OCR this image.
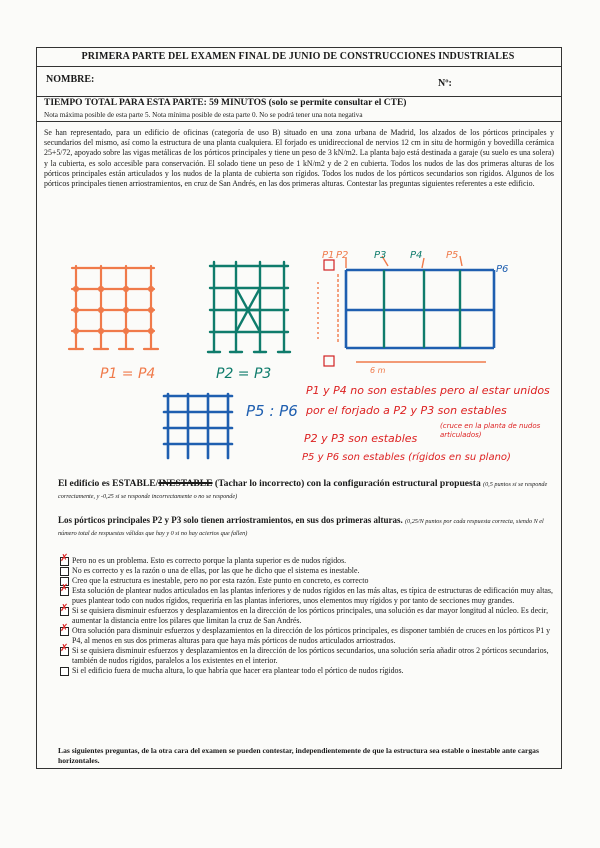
PRIMERA PARTE DEL EXAMEN FINAL DE JUNIO DE CONSTRUCCIONES INDUSTRIALES
NOMBRE:	Nº:
TIEMPO TOTAL PARA ESTA PARTE: 59 MINUTOS (solo se permite consultar el CTE)
Nota máxima posible de esta parte 5. Nota mínima posible de esta parte 0. No se podrá tener una nota negativa
Se han representado, para un edificio de oficinas (categoría de uso B) situado en una zona urbana de Madrid, los alzados de los pórticos principales y secundarios del mismo, así como la estructura de una planta cualquiera. El forjado es unidireccional de nervios 12 cm in situ de hormigón y bovedilla cerámica 25+5/72, apoyado sobre las vigas metálicas de los pórticos principales y tiene un peso de 3 kN/m2. La planta bajo está destinada a garaje (su suelo es una solera) y la cubierta, es solo accesible para conservación. El solado tiene un peso de 1 kN/m2 y de 2 en cubierta. Todos los nudos de las dos primeras alturas de los pórticos principales están articulados y los nudos de la planta de cubierta son rígidos. Todos los nudos de los pórticos secundarios son rígidos. Algunos de los pórticos principales tienen arriostramientos, en cruz de San Andrés, en las dos primeras alturas. Contestar las preguntas siguientes referentes a este edificio.
P1 = P4	P2 = P3
P5 : P6
P2	P3 P4 P5
P6
P1
6 m
P1 y P4 no son estables pero al estar unidos
por el forjado a P2 y P3 son estables
P2 y P3 son estables
(cruce en la planta de nudos articulados)
P5 y P6 son estables (rígidos en su plano)
El edificio es ESTABLE/INESTABLE (Tachar lo incorrecto) con la configuración estructural propuesta (0,5 puntos si se responde correctamente, y -0,25 si se responde incorrectamente o no se responde)
Los pórticos principales P2 y P3 solo tienen arriostramientos, en sus dos primeras alturas. (0,25/N puntos por cada respuesta correcta, siendo N el número total de respuestas válidas que hay y 0 si no hay aciertos que fallen)
✗
Pero no es un problema. Esto es correcto porque la planta superior es de nudos rígidos.
No es correcto y es la razón o una de ellas, por las que he dicho que el sistema es inestable.
Creo que la estructura es inestable, pero no por esta razón. Este punto en concreto, es correcto
✗
Esta solución de plantear nudos articulados en las plantas inferiores y de nudos rígidos en las más altas, es típica de estructuras de edificación muy altas, pues plantear todo con nudos rígidos, requeriría en las plantas inferiores, unos elementos muy rígidos y por tanto de secciones muy grandes.
✗
Si se quisiera disminuir esfuerzos y desplazamientos en la dirección de los pórticos principales, una solución es dar mayor longitud al núcleo. Es decir, aumentar la distancia entre los pilares que limitan la cruz de San Andrés.
✗
Otra solución para disminuir esfuerzos y desplazamientos en la dirección de los pórticos principales, es disponer también de cruces en los pórticos P1 y P4, al menos en sus dos primeras alturas para que haya más pórticos de nudos articulados arriostrados.
✗
Si se quisiera disminuir esfuerzos y desplazamientos en la dirección de los pórticos secundarios, una solución sería añadir otros 2 pórticos secundarios, también de nudos rígidos, paralelos a los existentes en el interior.
Si el edificio fuera de mucha altura, lo que habría que hacer era plantear todo el pórtico de nudos rígidos.
Las siguientes preguntas, de la otra cara del examen se pueden contestar, independientemente de que la estructura sea estable o inestable ante cargas horizontales.
